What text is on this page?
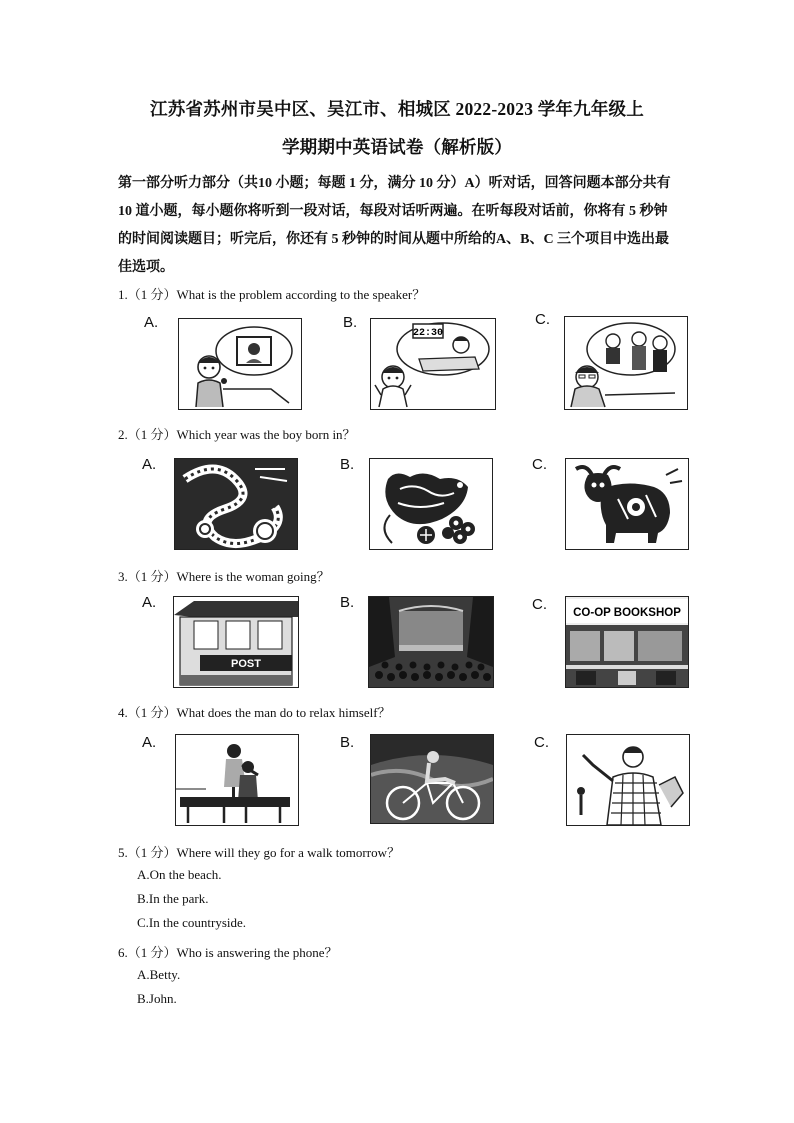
江苏省苏州市吴中区、吴江市、相城区 2022-2023 学年九年级上
学期期中英语试卷（解析版）
第一部分听力部分（共10 小题；每题 1 分，满分 10 分）A）听对话，回答问题本部分共有 10 道小题，每小题你将听到一段对话，每段对话听两遍。在听每段对话前，你将有 5 秒钟的时间阅读题目；听完后，你还有 5 秒钟的时间从题中所给的A、B、C 三个项目中选出最佳选项。
1.（1 分）What is the problem according to the speaker？
A.	B.	C.
22:30
2.（1 分）Which year was the boy born in？
A.	B.	C.
3.（1 分）Where is the woman going？
A.	B.	C.
POST
CO-OP BOOKSHOP
4.（1 分）What does the man do to relax himself？
A.	B.	C.
5.（1 分）Where will they go for a walk tomorrow？
A.On the beach.
B.In the park.
C.In the countryside.
6.（1 分）Who is answering the phone？
A.Betty.
B.John.
